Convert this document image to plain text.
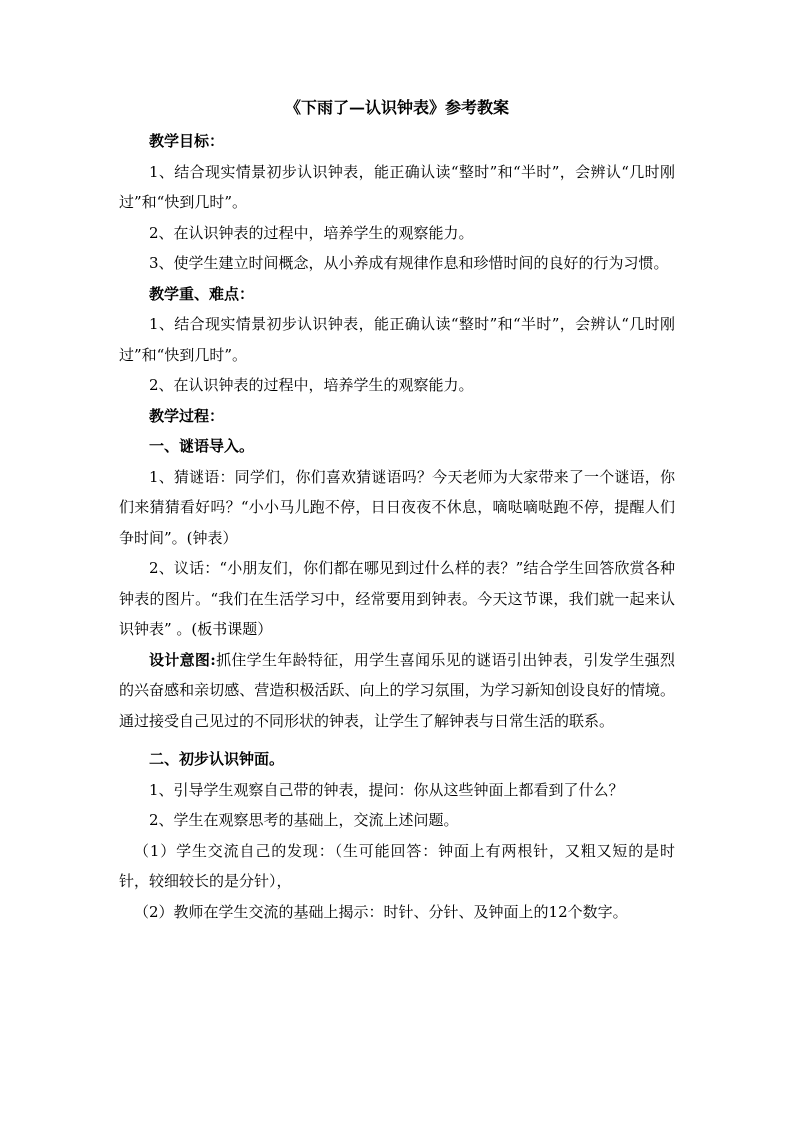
《下雨了—认识钟表》参考教案

教学目标：

1、结合现实情景初步认识钟表，能正确认读“整时”和“半时”，会辨认“几时刚过”和“快到几时”。

2、在认识钟表的过程中，培养学生的观察能力。

3、使学生建立时间概念，从小养成有规律作息和珍惜时间的良好的行为习惯。

教学重、难点：

1、结合现实情景初步认识钟表，能正确认读“整时”和“半时”，会辨认“几时刚过”和“快到几时”。

2、在认识钟表的过程中，培养学生的观察能力。

教学过程：

一、谜语导入。

1、猜谜语：同学们，你们喜欢猜谜语吗？今天老师为大家带来了一个谜语，你们来猜猜看好吗？“小小马儿跑不停，日日夜夜不休息，嘀哒嘀哒跑不停，提醒人们争时间”。(钟表）

2、议话：“小朋友们，你们都在哪见到过什么样的表？”结合学生回答欣赏各种钟表的图片。“我们在生活学习中，经常要用到钟表。今天这节课，我们就一起来认识钟表” 。(板书课题）

设计意图:抓住学生年龄特征，用学生喜闻乐见的谜语引出钟表，引发学生强烈的兴奋感和亲切感、营造积极活跃、向上的学习氛围，为学习新知创设良好的情境。通过接受自己见过的不同形状的钟表，让学生了解钟表与日常生活的联系。

二、初步认识钟面。

1、引导学生观察自己带的钟表，提问：你从这些钟面上都看到了什么？

2、学生在观察思考的基础上，交流上述问题。

（1）学生交流自己的发现：（生可能回答：钟面上有两根针，又粗又短的是时针，较细较长的是分针），

（2）教师在学生交流的基础上揭示：时针、分针、及钟面上的12个数字。
